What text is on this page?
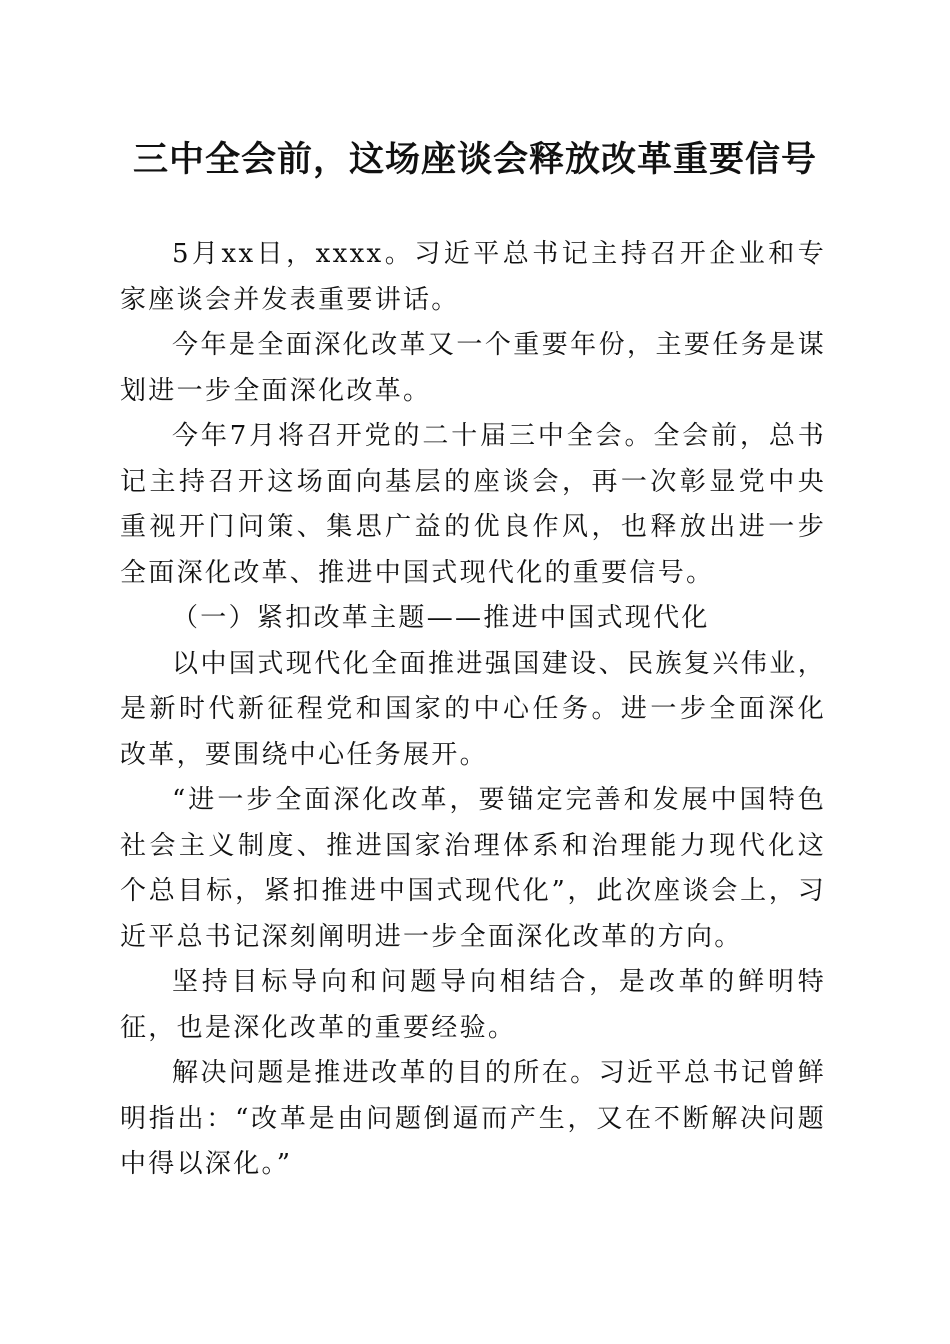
三中全会前，这场座谈会释放改革重要信号

5月xx日，xxxx。习近平总书记主持召开企业和专家座谈会并发表重要讲话。

今年是全面深化改革又一个重要年份，主要任务是谋划进一步全面深化改革。

今年7月将召开党的二十届三中全会。全会前，总书记主持召开这场面向基层的座谈会，再一次彰显党中央重视开门问策、集思广益的优良作风，也释放出进一步全面深化改革、推进中国式现代化的重要信号。

（一）紧扣改革主题——推进中国式现代化

以中国式现代化全面推进强国建设、民族复兴伟业，是新时代新征程党和国家的中心任务。进一步全面深化改革，要围绕中心任务展开。

“进一步全面深化改革，要锚定完善和发展中国特色社会主义制度、推进国家治理体系和治理能力现代化这个总目标，紧扣推进中国式现代化”，此次座谈会上，习近平总书记深刻阐明进一步全面深化改革的方向。

坚持目标导向和问题导向相结合，是改革的鲜明特征，也是深化改革的重要经验。

解决问题是推进改革的目的所在。习近平总书记曾鲜明指出：“改革是由问题倒逼而产生，又在不断解决问题中得以深化。”
